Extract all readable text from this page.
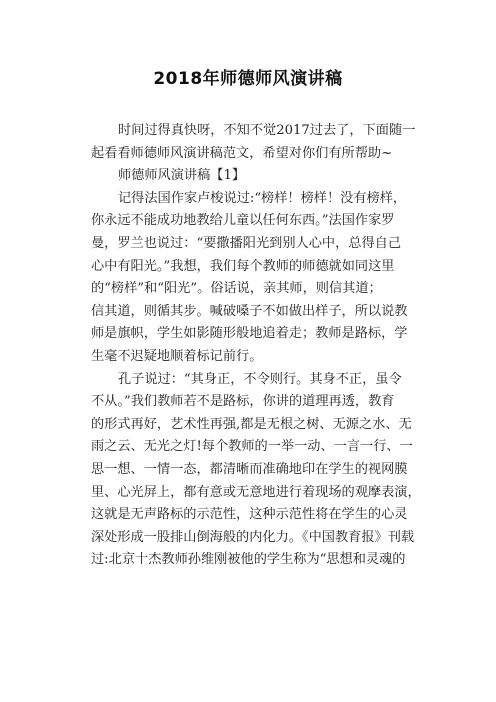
2018年师德师风演讲稿
时间过得真快呀，不知不觉2017过去了，下面随一
起看看师德师风演讲稿范文，希望对你们有所帮助~
师德师风演讲稿【1】
记得法国作家卢梭说过:“榜样！榜样！没有榜样，
你永远不能成功地教给儿童以任何东西。”法国作家罗
曼，罗兰也说过：“要撒播阳光到别人心中，总得自己
心中有阳光。”我想，我们每个教师的师德就如同这里
的“榜样”和“阳光”。俗话说，亲其师，则信其道；
信其道，则循其步。喊破嗓子不如做出样子，所以说教
师是旗帜，学生如影随形般地追着走；教师是路标，学
生毫不迟疑地顺着标记前行。
孔子说过：“其身正，不令则行。其身不正，虽令
不从。”我们教师若不是路标，你讲的道理再透，教育
的形式再好，艺术性再强,都是无根之树、无源之水、无
雨之云、无光之灯!每个教师的一举一动、一言一行、一
思一想、一情一态，都清晰而准确地印在学生的视网膜
里、心光屏上，都有意或无意地进行着现场的观摩表演，
这就是无声路标的示范性，这种示范性将在学生的心灵
深处形成一股排山倒海般的内化力。《中国教育报》刊载
过:北京十杰教师孙维刚被他的学生称为“思想和灵魂的
